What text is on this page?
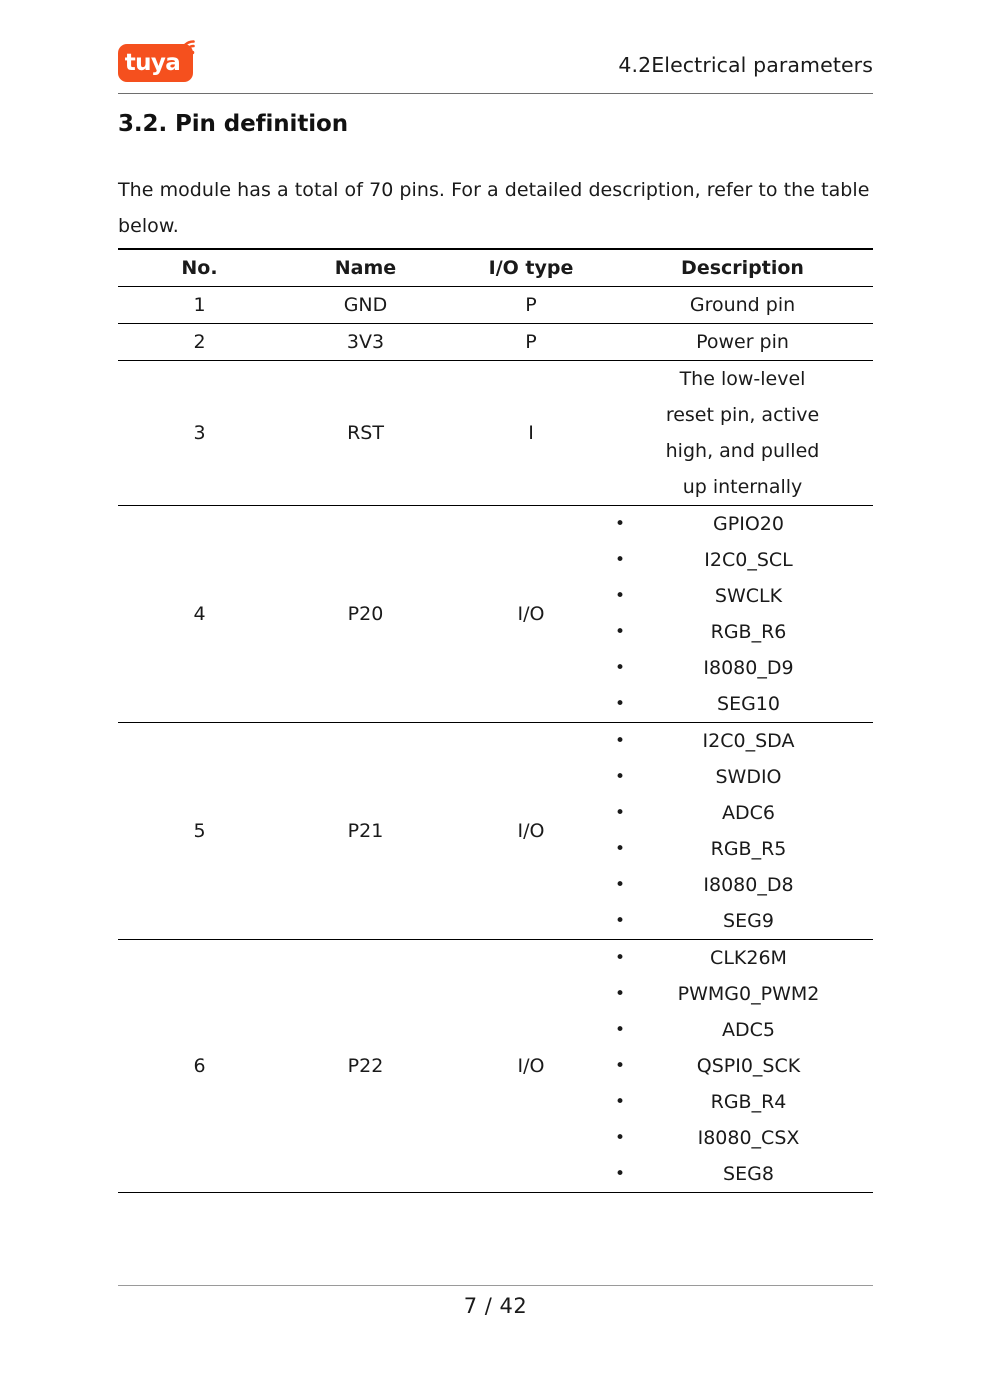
tuya	4.2Electrical parameters
3.2. Pin definition

The module has a total of 70 pins. For a detailed description, refer to the table below.

No.	Name	I/O type	Description
1	GND	P	Ground pin

2	3V3	P	Power pin

3	RST	I	The low-level
reset pin, active
high, and pulled
up internally

4	P20	I/O	
•	GPIO20
•	I2C0_SCL
•	SWCLK
•	RGB_R6
•	I8080_D9
•	SEG10

5	P21	I/O	
•	I2C0_SDA
•	SWDIO
•	ADC6
•	RGB_R5
•	I8080_D8
•	SEG9

6	P22	I/O	
•	CLK26M
•	PWMG0_PWM2
•	ADC5
•	QSPI0_SCK
•	RGB_R4
•	I8080_CSX
•	SEG8
7 / 42
